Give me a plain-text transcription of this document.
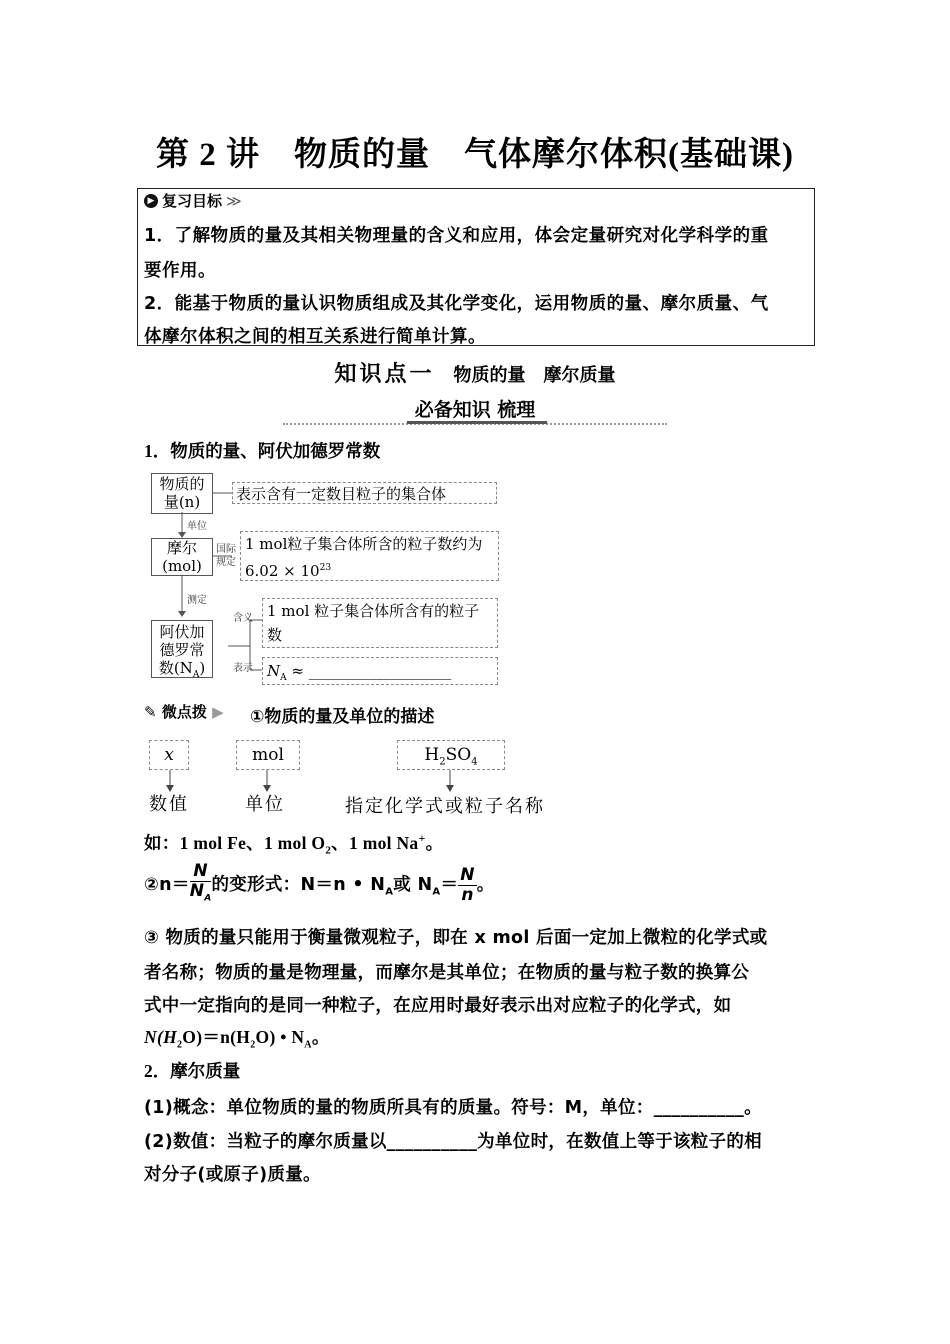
第 2 讲　物质的量　气体摩尔体积(基础课)
▶ 复习目标 ≫
1．了解物质的量及其相关物理量的含义和应用，体会定量研究对化学科学的重
要作用。
2．能基于物质的量认识物质组成及其化学变化，运用物质的量、摩尔质量、气
体摩尔体积之间的相互关系进行简单计算。
知识点一 物质的量　摩尔质量
必备知识 梳理
1．物质的量、阿伏加德罗常数
物质的
量(n)	表示含有一定数目粒子的集合体
单位
摩尔
(mol)
国际
规定
1 mol粒子集合体所含的粒子数约为
$6.02 \times 10^{23}$
测定
阿伏加
德罗常
数$(N_A)$
含义 1 mol 粒子集合体所含有的粒子
数
表示 $N_A$ ≈ ___________________
✎ 微点拨 ▶ ①物质的量及单位的描述
x	mol	$H_2SO_4$
数值	单位	指定化学式或粒子名称
如：1 mol Fe、1 mol $O_2$、1 mol Na+。
②n＝ $\frac{N}{N_A}$ 的变形式：N＝n • $N_A$或 $N_A= \frac{N}{n}$ 。
③ 物质的量只能用于衡量微观粒子，即在 x mol 后面一定加上微粒的化学式或
者名称；物质的量是物理量，而摩尔是其单位；在物质的量与粒子数的换算公
式中一定指向的是同一种粒子，在应用时最好表示出对应粒子的化学式，如
$N(H_2O)=n(H_2O)$ • $N_A$。
2．摩尔质量
(1)概念：单位物质的量的物质所具有的质量。符号：M，单位：__________。
(2)数值：当粒子的摩尔质量以__________为单位时，在数值上等于该粒子的相
对分子(或原子)质量。
